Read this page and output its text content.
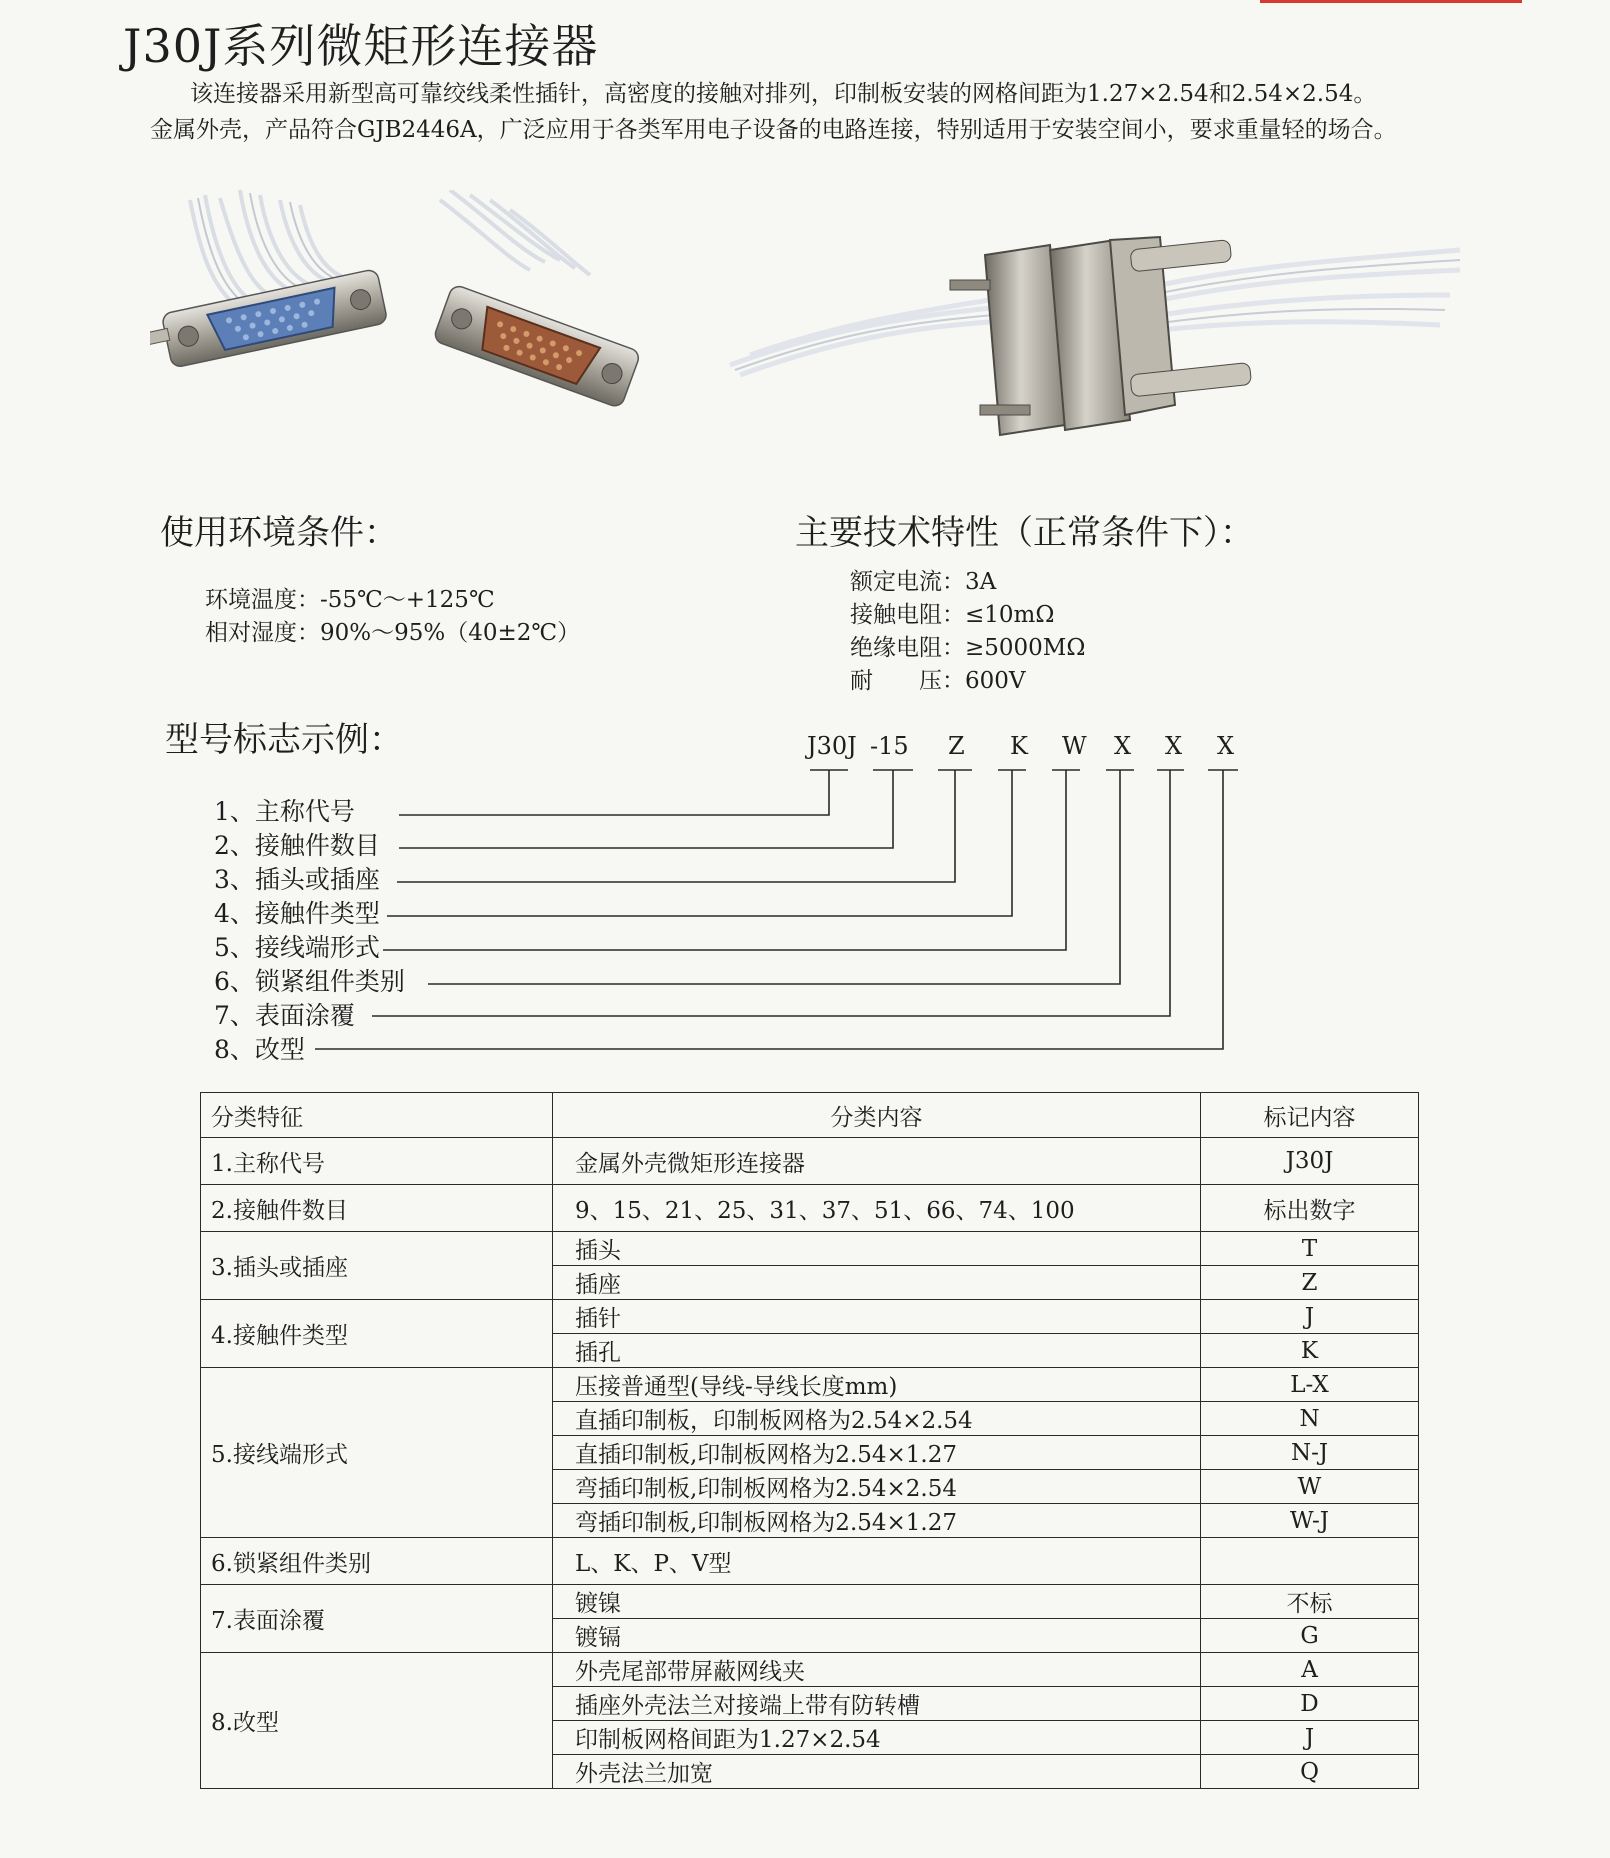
J30J系列微矩形连接器

该连接器采用新型高可靠绞线柔性插针，高密度的接触对排列，印制板安装的网格间距为1.27×2.54和2.54×2.54。

金属外壳，产品符合GJB2446A，广泛应用于各类军用电子设备的电路连接，特别适用于安装空间小，要求重量轻的场合。

使用环境条件：
环境温度：-55℃～+125℃
相对湿度：90%～95%（40±2℃）
主要技术特性（正常条件下）：
额定电流：3A
接触电阻：≤10mΩ
绝缘电阻：≥5000MΩ
耐　　压：600V
型号标志示例：	J30J -15 Z K W X X X
1、主称代号
2、接触件数目
3、插头或插座
4、接触件类型
5、接线端形式
6、锁紧组件类别
7、表面涂覆
8、改型
分类特征	分类内容	标记内容
1.主称代号	金属外壳微矩形连接器	J30J
2.接触件数目	9、15、21、25、31、37、51、66、74、100	标出数字
3.插头或插座	插头	T
	插座	Z
4.接触件类型	插针	J
	插孔	K
5.接线端形式	压接普通型(导线-导线长度mm)	L-X
	直插印制板，印制板网格为2.54×2.54	N
	直插印制板,印制板网格为2.54×1.27	N-J
	弯插印制板,印制板网格为2.54×2.54	W
	弯插印制板,印制板网格为2.54×1.27	W-J
6.锁紧组件类别	L、K、P、V型	
7.表面涂覆	镀镍	不标
	镀镉	G
8.改型	外壳尾部带屏蔽网线夹	A
	插座外壳法兰对接端上带有防转槽	D
	印制板网格间距为1.27×2.54	J
	外壳法兰加宽	Q
